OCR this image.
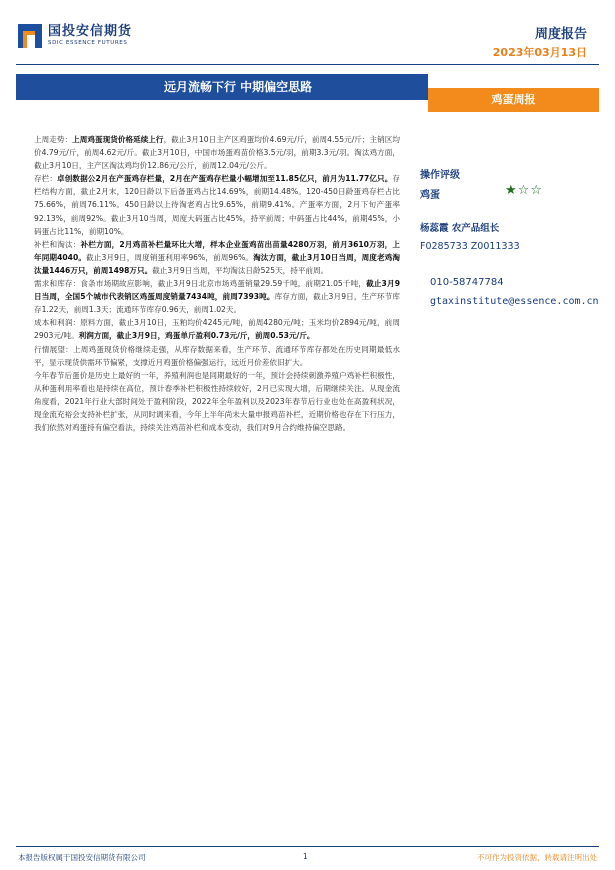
国投安信期货
SDIC ESSENCE FUTURES
周度报告
2023年03月13日
远月流畅下行 中期偏空思路
鸡蛋周报

上周走势：上周鸡蛋现货价格延续上行，截止3月10日主产区鸡蛋均价4.69元/斤，前周4.55元/斤；主销区均价4.79元/斤，前周4.62元/斤。截止3月10日，中国市场蛋鸡苗价格3.5元/羽，前期3.3元/羽。淘汰鸡方面，截止3月10日，主产区淘汰鸡均价12.86元/公斤，前周12.04元/公斤。

存栏：卓创数据公2月在产蛋鸡存栏量，2月在产蛋鸡存栏量小幅增加至11.85亿只，前月为11.77亿只。存栏结构方面，截止2月末，120日龄以下后备蛋鸡占比14.69%，前期14.48%。120-450日龄蛋鸡存栏占比75.66%，前周76.11%。450日龄以上待淘老鸡占比9.65%，前期9.41%。产蛋率方面，2月下旬产蛋率92.13%，前周92%。截止3月10当周，周度大码蛋占比45%，持平前周；中码蛋占比44%，前期45%，小码蛋占比11%，前期10%。

补栏和淘汰：补栏方面，2月鸡苗补栏量环比大增，样本企业蛋鸡苗出苗量4280万羽，前月3610万羽，上年同期4040。截止3月9日，周度销蛋利用率96%，前周96%。淘汰方面，截止3月10日当周，周度老鸡淘汰量1446万只，前周1498万只。截止3月9日当周，平均淘汰日龄525天，持平前周。

需求和库存：食条市场期故应影响，截止3月9日北京市场鸡蛋销量29.59千吨，前期21.05千吨，截止3月9日当周，全国5个城市代表销区鸡蛋周度销量7434吨，前周7393吨。库存方面，截止3月9日，生产环节库存1.22天，前周1.3天；流通环节库存0.96天，前周1.02天。

成本和利润：原料方面，截止3月10日，玉粕均价4245元/吨，前周4280元/吨；玉米均价2894元/吨，前周2903元/吨。利润方面，截止3月9日，鸡蛋单斤盈利0.73元/斤，前周0.53元/斤。

行情展望：上周鸡蛋现货价格继续走强，从库存数据来看，生产环节、流通环节库存都处在历史同期最低水平，显示现货供需环节偏紧，支撑近月鸡蛋价格偏强运行，远近月价差依旧扩大。

今年春节后蛋价是历史上最好的一年，养殖利润也是同期最好的一年，预计会持续刺激养殖户鸡补栏积极性，从种蛋利用率看也是持续在高位，预计春季补栏积极性持续较好，2月已实现大增，后期继续关注。从现金流角度看，2021年行业大部时间处于盈利阶段，2022年全年盈利以及2023年春节后行业也处在高盈利状况，现金流充裕会支持补栏扩张，从同时调来看，今年上半年尚未大量申报鸡苗补栏，近期价格也存在下行压力，我们依然对鸡蛋持有偏空看法，持续关注鸡苗补栏和成本变动，我们对9月合约维持偏空思路。

操作评级
鸡蛋	★☆☆
杨蕊霞 农产品组长
F0285733 Z0011333
010-58747784
gtaxinstitute@essence.com.cn
本报告版权属于国投安信期货有限公司	1	不可作为投资依据，转载请注明出处
